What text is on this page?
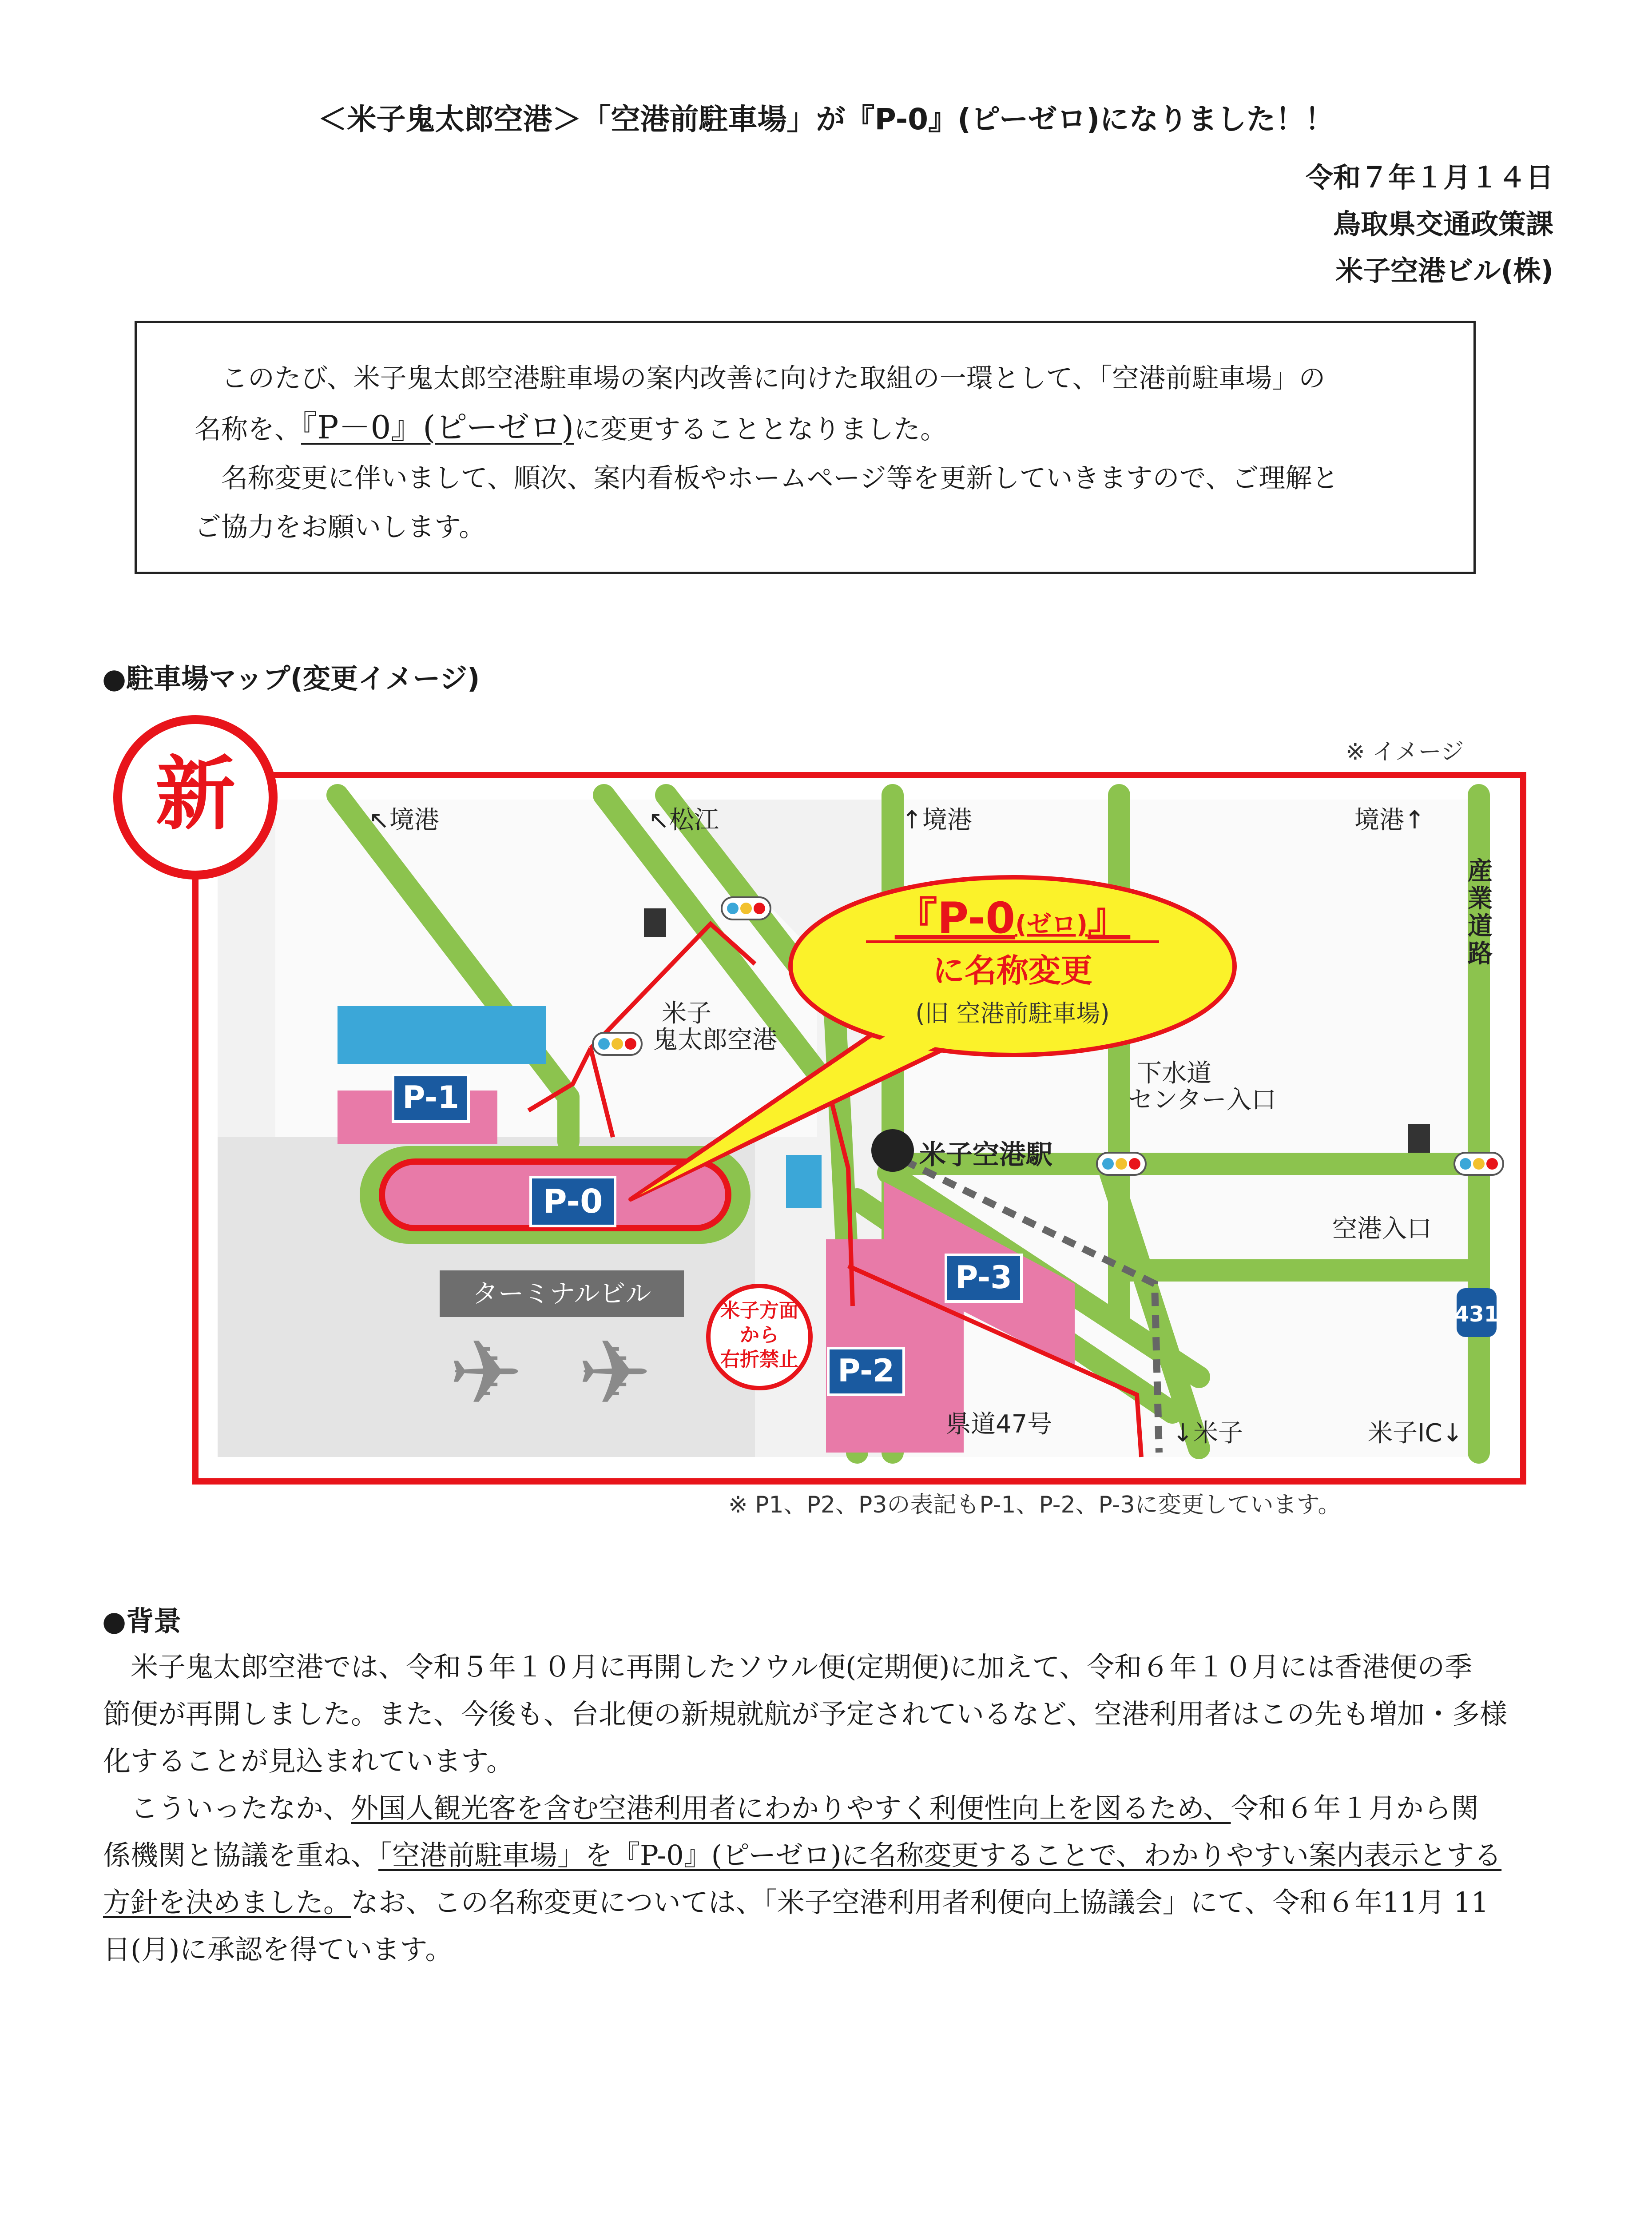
＜米子鬼太郎空港＞「空港前駐車場」が『P-0』(ピーゼロ)になりました！！
令和７年１月１４日
鳥取県交通政策課
米子空港ビル(株)

　このたび、米子鬼太郎空港駐車場の案内改善に向けた取組の一環として、「空港前駐車場」の

名称を、『P－0』(ピーゼロ)に変更することとなりました。

　名称変更に伴いまして、順次、案内看板やホームページ等を更新していきますので、ご理解と

ご協力をお願いします。

●駐車場マップ(変更イメージ)
※ イメージ
✈ ✈
新	↖境港	↖松江	↑境港	境港↑
米子
鬼太郎空港
下水道
センター入口
米子空港駅
空港入口
県道47号	↓米子	米子IC↓
産業道路
431
ターミナルビル
P-1
P-0
P-2
P-3
米子方面
から
右折禁止
『P-0(ゼロ)』
に名称変更
(旧 空港前駐車場)
※ P1、P2、P3の表記もP-1、P-2、P-3に変更しています。
●背景

　米子鬼太郎空港では、令和５年１０月に再開したソウル便(定期便)に加えて、令和６年１０月には香港便の季

節便が再開しました。また、今後も、台北便の新規就航が予定されているなど、空港利用者はこの先も増加・多様

化することが見込まれています。

　こういったなか、外国人観光客を含む空港利用者にわかりやすく利便性向上を図るため、令和６年１月から関

係機関と協議を重ね、「空港前駐車場」を『P-0』(ピーゼロ)に名称変更することで、わかりやすい案内表示とする

方針を決めました。なお、この名称変更については、「米子空港利用者利便向上協議会」にて、令和６年11月 11

日(月)に承認を得ています。
